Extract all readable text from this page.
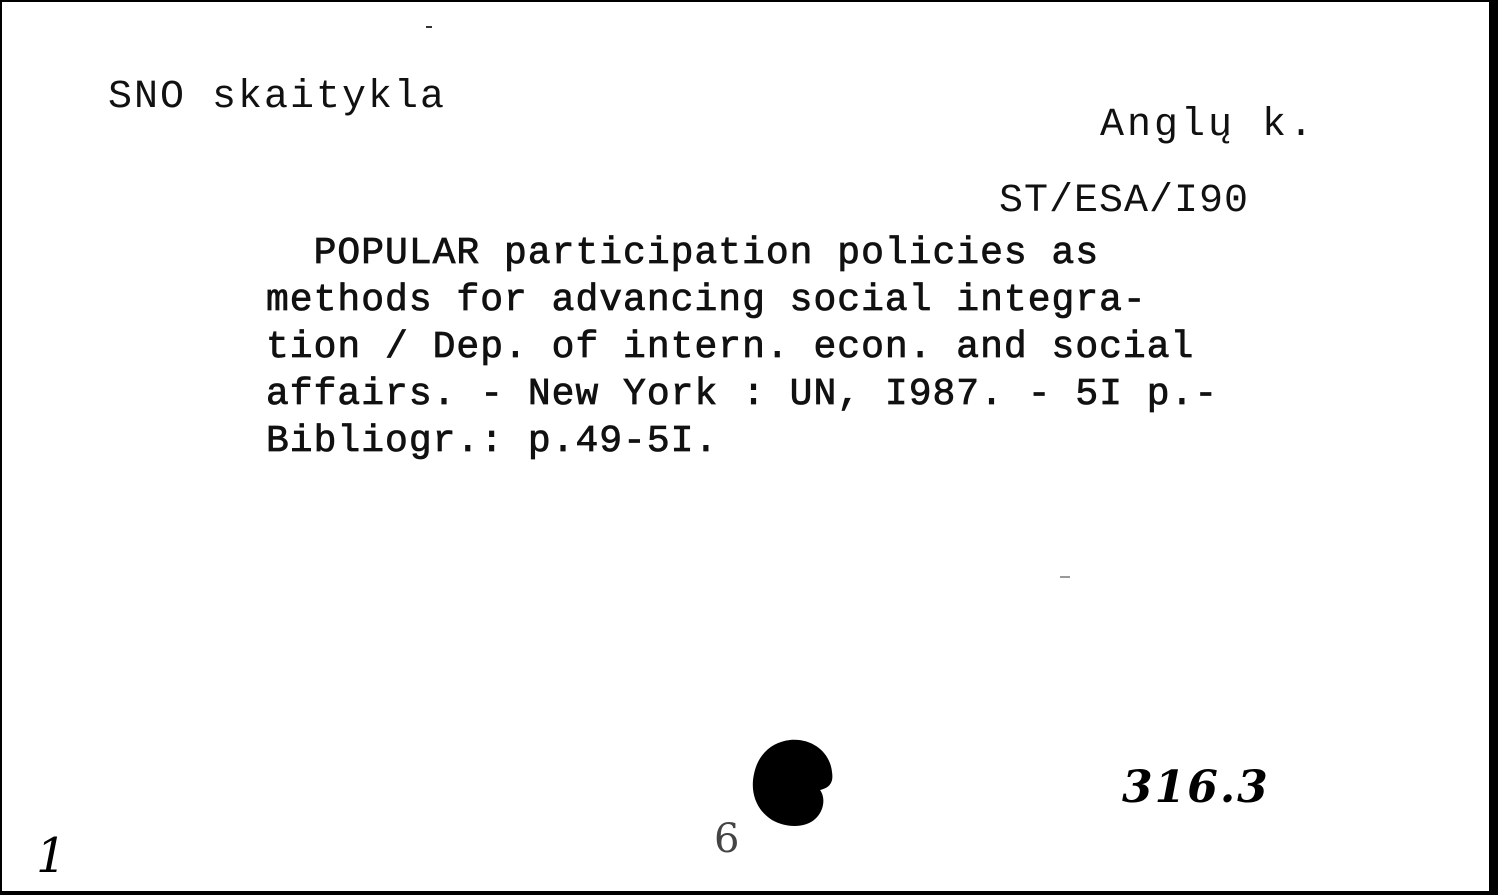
SNO skaitykla
Anglų k.
ST/ESA/I90
POPULAR participation policies as
methods for advancing social integra-
tion / Dep. of intern. econ. and social
affairs. - New York : UN, I987. - 5I p.-
Bibliogr.: p.49-5I.
1
316.3
6
